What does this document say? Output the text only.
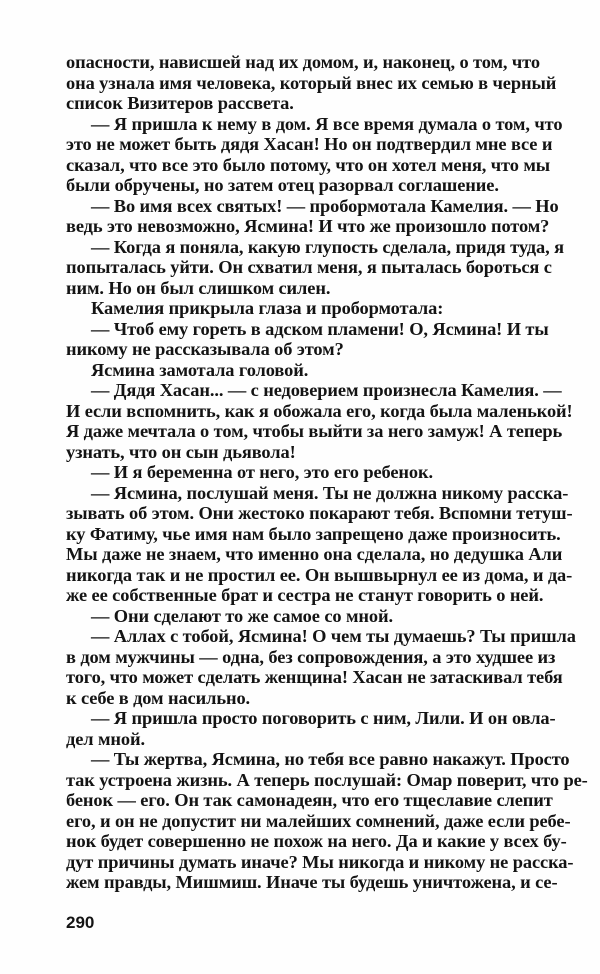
опасности, нависшей над их домом, и, наконец, о том, что
она узнала имя человека, который внес их семью в черный
список Визитеров рассвета.
— Я пришла к нему в дом. Я все время думала о том, что
это не может быть дядя Хасан! Но он подтвердил мне все и
сказал, что все это было потому, что он хотел меня, что мы
были обручены, но затем отец разорвал соглашение.
— Во имя всех святых! — пробормотала Камелия. — Но
ведь это невозможно, Ясмина! И что же произошло потом?
— Когда я поняла, какую глупость сделала, придя туда, я
попыталась уйти. Он схватил меня, я пыталась бороться с
ним. Но он был слишком силен.
Камелия прикрыла глаза и пробормотала:
— Чтоб ему гореть в адском пламени! О, Ясмина! И ты
никому не рассказывала об этом?
Ясмина замотала головой.
— Дядя Хасан... — с недоверием произнесла Камелия. —
И если вспомнить, как я обожала его, когда была маленькой!
Я даже мечтала о том, чтобы выйти за него замуж! А теперь
узнать, что он сын дьявола!
— И я беременна от него, это его ребенок.
— Ясмина, послушай меня. Ты не должна никому расска-
зывать об этом. Они жестоко покарают тебя. Вспомни тетуш-
ку Фатиму, чье имя нам было запрещено даже произносить.
Мы даже не знаем, что именно она сделала, но дедушка Али
никогда так и не простил ее. Он вышвырнул ее из дома, и да-
же ее собственные брат и сестра не станут говорить о ней.
— Они сделают то же самое со мной.
— Аллах с тобой, Ясмина! О чем ты думаешь? Ты пришла
в дом мужчины — одна, без сопровождения, а это худшее из
того, что может сделать женщина! Хасан не затаскивал тебя
к себе в дом насильно.
— Я пришла просто поговорить с ним, Лили. И он овла-
дел мной.
— Ты жертва, Ясмина, но тебя все равно накажут. Просто
так устроена жизнь. А теперь послушай: Омар поверит, что ре-
бенок — его. Он так самонадеян, что его тщеславие слепит
его, и он не допустит ни малейших сомнений, даже если ребе-
нок будет совершенно не похож на него. Да и какие у всех бу-
дут причины думать иначе? Мы никогда и никому не расска-
жем правды, Мишмиш. Иначе ты будешь уничтожена, и се-
290
